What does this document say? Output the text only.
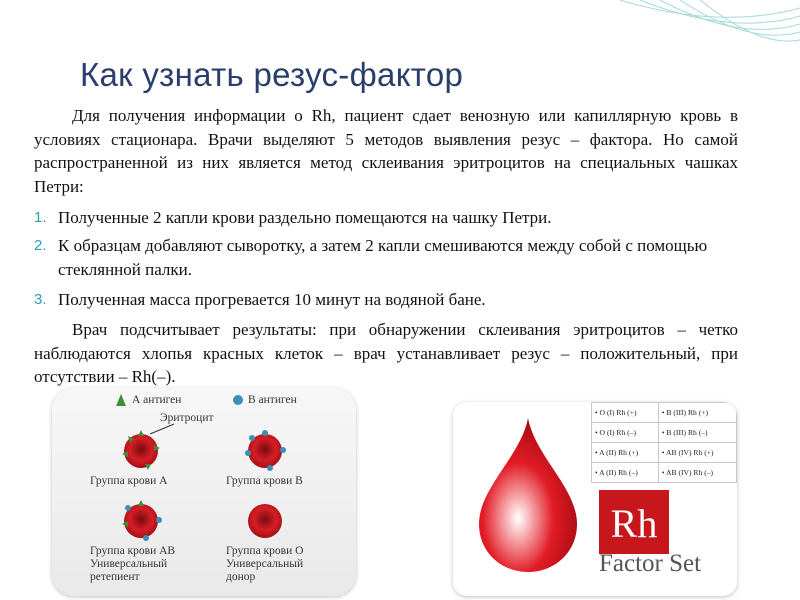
Как узнать резус-фактор

Для получения информации о Rh, пациент сдает венозную или капиллярную кровь в условиях стационара. Врачи выделяют 5 методов выявления резус – фактора. Но самой распространенной из них является метод склеивания эритроцитов на специальных чашках Петри:

1. Полученные 2 капли крови раздельно помещаются на чашку Петри.
2. К образцам добавляют сыворотку, а затем 2 капли смешиваются между собой с помощью стеклянной палки.
3. Полученная масса прогревается 10 минут на водяной бане.

Врач подсчитывает результаты: при обнаружении склеивания эритроцитов – четко наблюдаются хлопья красных клеток – врач устанавливает резус – положительный, при отсутствии – Rh(–).

А антиген	В антиген
Эритроцит
Группа крови А	Группа крови В
Группа крови АВ
Универсальный
ретепиент
Группа крови О
Универсальный
донор
• O (I) Rh (+)	• B (III) Rh (+)
• O (I) Rh (–)	• B (III) Rh (–)
• A (II) Rh (+)	• AB (IV) Rh (+)
• A (II) Rh (–)	• AB (IV) Rh (–)
Rh
Factor Set
